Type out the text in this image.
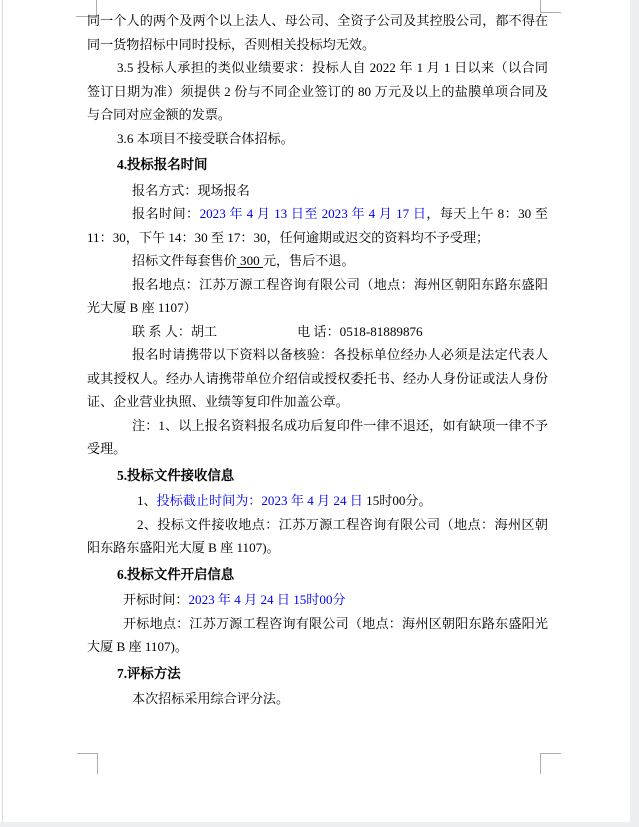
同一个人的两个及两个以上法人、母公司、全资子公司及其控股公司，都不得在同一货物招标中同时投标，否则相关投标均无效。

3.5 投标人承担的类似业绩要求：投标人自 2022 年 1 月 1 日以来（以合同签订日期为准）须提供 2 份与不同企业签订的 80 万元及以上的盐膜单项合同及与合同对应金额的发票。

3.6 本项目不接受联合体招标。

4.投标报名时间

报名方式：现场报名

报名时间：2023 年 4 月 13 日至 2023 年 4 月 17 日，每天上午 8：30 至 11：30，下午 14：30 至 17：30，任何逾期或迟交的资料均不予受理；

招标文件每套售价 300 元，售后不退。

报名地点：江苏万源工程咨询有限公司（地点：海州区朝阳东路东盛阳光大厦 B 座 1107）

联 系 人：胡工	电 话：0518-81889876

报名时请携带以下资料以备核验：各投标单位经办人必须是法定代表人或其授权人。经办人请携带单位介绍信或授权委托书、经办人身份证或法人身份证、企业营业执照、业绩等复印件加盖公章。

注：1、以上报名资料报名成功后复印件一律不退还，如有缺项一律不予受理。

5.投标文件接收信息

1、投标截止时间为：2023 年 4 月 24 日 15时00分。

2、投标文件接收地点：江苏万源工程咨询有限公司（地点：海州区朝阳东路东盛阳光大厦 B 座 1107)。

6.投标文件开启信息

开标时间：2023 年 4 月 24 日 15时00分

开标地点：江苏万源工程咨询有限公司（地点：海州区朝阳东路东盛阳光大厦 B 座 1107)。

7.评标方法

本次招标采用综合评分法。
